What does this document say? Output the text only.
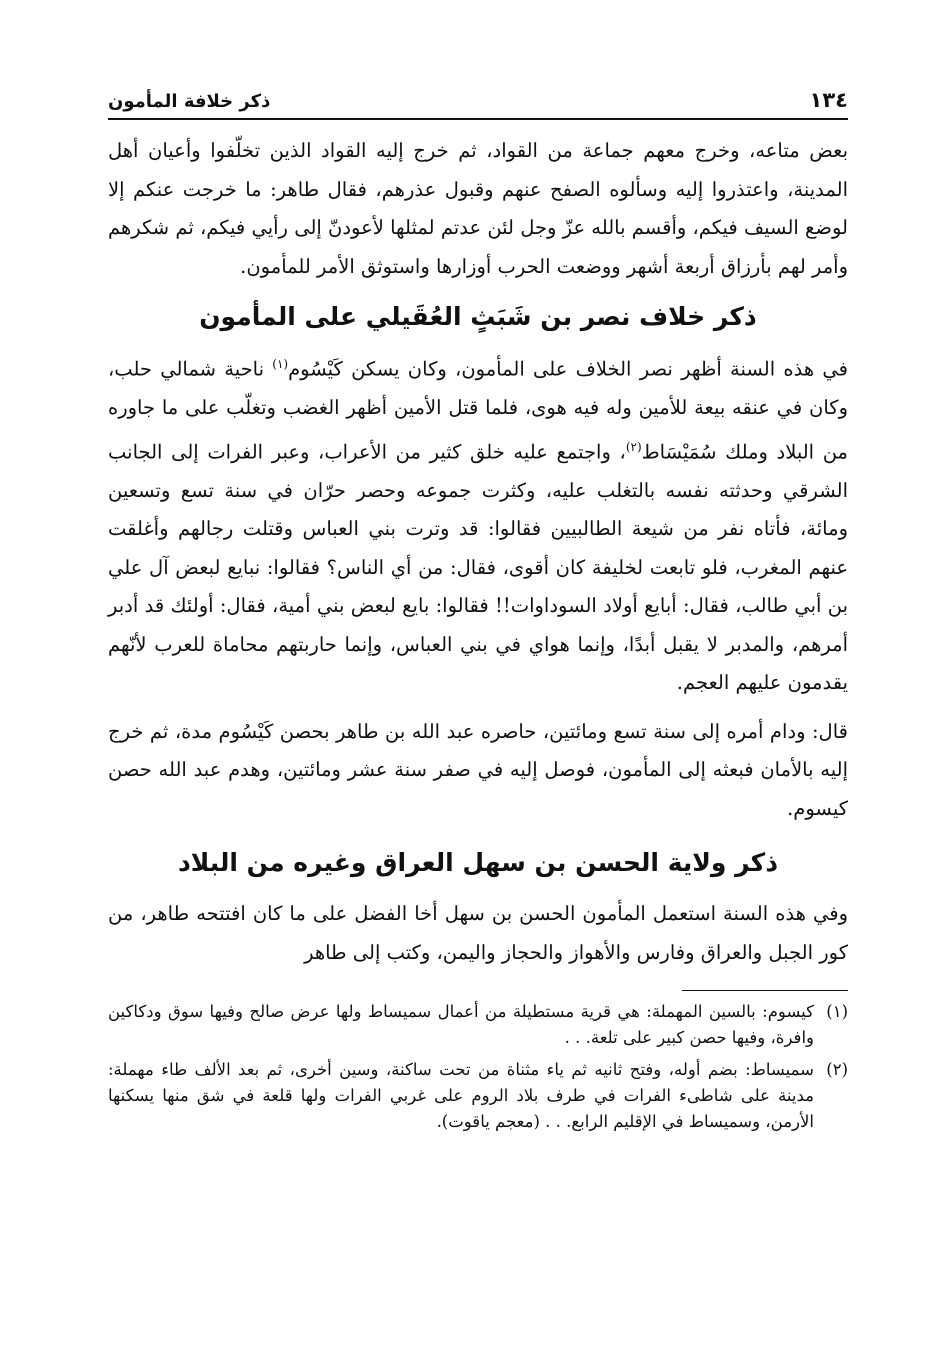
١٣٤
ذكر خلافة المأمون

بعض متاعه، وخرج معهم جماعة من القواد، ثم خرج إليه القواد الذين تخلّفوا وأعيان أهل المدينة، واعتذروا إليه وسألوه الصفح عنهم وقبول عذرهم، فقال طاهر: ما خرجت عنكم إلا لوضع السيف فيكم، وأقسم بالله عزّ وجل لئن عدتم لمثلها لأعودنّ إلى رأيي فيكم، ثم شكرهم وأمر لهم بأرزاق أربعة أشهر ووضعت الحرب أوزارها واستوثق الأمر للمأمون.

ذكر خلاف نصر بن شَبَثٍ العُقَيلي على المأمون

في هذه السنة أظهر نصر الخلاف على المأمون، وكان يسكن كَيْسُوم$^{(١)}$ ناحية شمالي حلب، وكان في عنقه بيعة للأمين وله فيه هوى، فلما قتل الأمين أظهر الغضب وتغلّب على ما جاوره من البلاد وملك سُمَيْسَاط$^{(٢)}$، واجتمع عليه خلق كثير من الأعراب، وعبر الفرات إلى الجانب الشرقي وحدثته نفسه بالتغلب عليه، وكثرت جموعه وحصر حرّان في سنة تسع وتسعين ومائة، فأتاه نفر من شيعة الطالبيين فقالوا: قد وترت بني العباس وقتلت رجالهم وأغلقت عنهم المغرب، فلو تابعت لخليفة كان أقوى، فقال: من أي الناس؟ فقالوا: نبايع لبعض آل علي بن أبي طالب، فقال: أبايع أولاد السوداوات!! فقالوا: بايع لبعض بني أمية، فقال: أولئك قد أدبر أمرهم، والمدبر لا يقبل أبدًا، وإنما هواي في بني العباس، وإنما حاربتهم محاماة للعرب لأنّهم يقدمون عليهم العجم.

قال: ودام أمره إلى سنة تسع ومائتين، حاصره عبد الله بن طاهر بحصن كَيْسُوم مدة، ثم خرج إليه بالأمان فبعثه إلى المأمون، فوصل إليه في صفر سنة عشر ومائتين، وهدم عبد الله حصن كيسوم.

ذكر ولاية الحسن بن سهل العراق وغيره من البلاد

وفي هذه السنة استعمل المأمون الحسن بن سهل أخا الفضل على ما كان افتتحه طاهر، من كور الجبل والعراق وفارس والأهواز والحجاز واليمن، وكتب إلى طاهر

(١)
كيسوم: بالسين المهملة: هي قرية مستطيلة من أعمال سميساط ولها عرض صالح وفيها سوق ودكاكين وافرة، وفيها حصن كبير على تلعة. . .
(٢)
سميساط: بضم أوله، وفتح ثانيه ثم ياء مثناة من تحت ساكنة، وسين أخرى، ثم بعد الألف طاء مهملة: مدينة على شاطىء الفرات في طرف بلاد الروم على غربي الفرات ولها قلعة في شق منها يسكنها الأرمن، وسميساط في الإقليم الرابع. . . (معجم ياقوت).
